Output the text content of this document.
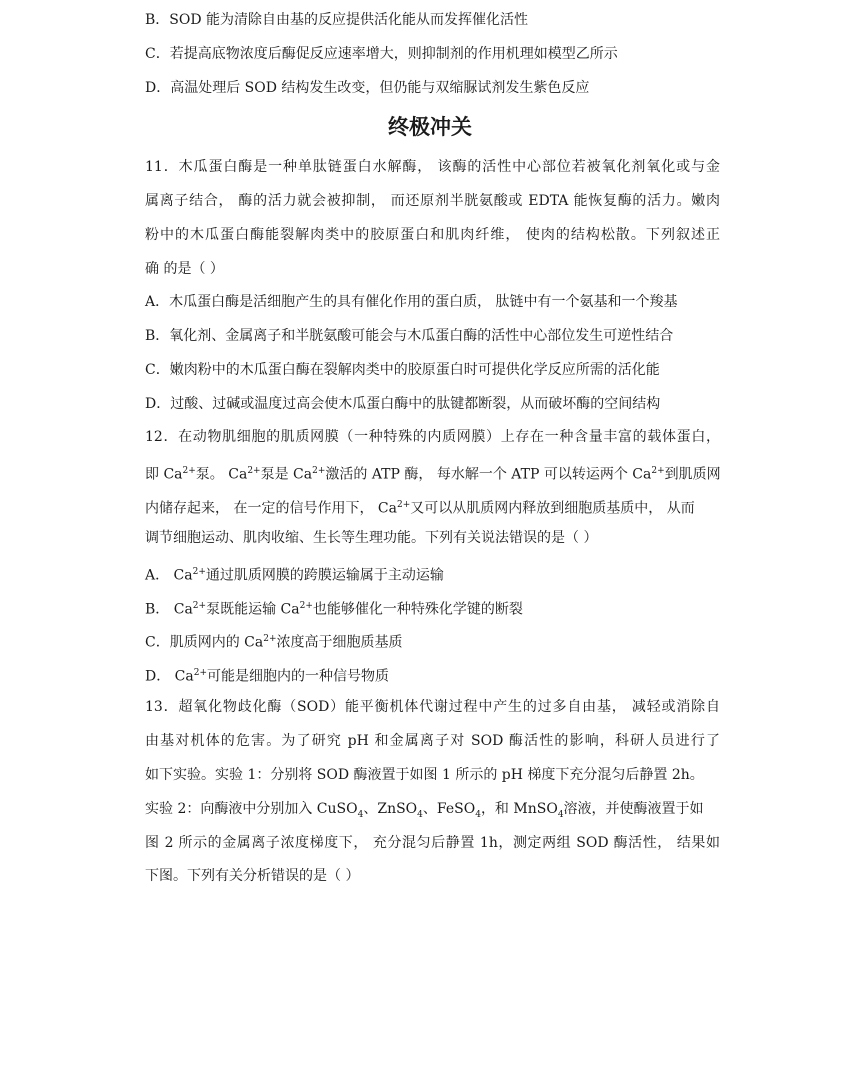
B．SOD 能为清除自由基的反应提供活化能从而发挥催化活性
C．若提高底物浓度后酶促反应速率增大，则抑制剂的作用机理如模型乙所示
D．高温处理后 SOD 结构发生改变，但仍能与双缩脲试剂发生紫色反应
终极冲关
11．木瓜蛋白酶是一种单肽链蛋白水解酶， 该酶的活性中心部位若被氧化剂氧化或与金
属离子结合， 酶的活力就会被抑制， 而还原剂半胱氨酸或 EDTA 能恢复酶的活力。嫩肉
粉中的木瓜蛋白酶能裂解肉类中的胶原蛋白和肌肉纤维， 使肉的结构松散。下列叙述正
确 的是（ ）
A．木瓜蛋白酶是活细胞产生的具有催化作用的蛋白质， 肽链中有一个氨基和一个羧基
B．氧化剂、金属离子和半胱氨酸可能会与木瓜蛋白酶的活性中心部位发生可逆性结合
C．嫩肉粉中的木瓜蛋白酶在裂解肉类中的胶原蛋白时可提供化学反应所需的活化能
D．过酸、过碱或温度过高会使木瓜蛋白酶中的肽键都断裂，从而破坏酶的空间结构
12．在动物肌细胞的肌质网膜（一种特殊的内质网膜）上存在一种含量丰富的载体蛋白，
即 $Ca^{2+}$泵。 $Ca^{2+}$泵是 $Ca^{2+}$激活的 ATP 酶， 每水解一个 ATP 可以转运两个 $Ca^{2+}$到肌质网
内储存起来， 在一定的信号作用下， $Ca^{2+}$又可以从肌质网内释放到细胞质基质中， 从而
调节细胞运动、肌肉收缩、生长等生理功能。下列有关说法错误的是（ ）
A． $Ca^{2+}$通过肌质网膜的跨膜运输属于主动运输
B． $Ca^{2+}$泵既能运输 $Ca^{2+}$也能够催化一种特殊化学键的断裂
C．肌质网内的 $Ca^{2+}$浓度高于细胞质基质
D． $Ca^{2+}$可能是细胞内的一种信号物质
13．超氧化物歧化酶（SOD）能平衡机体代谢过程中产生的过多自由基， 减轻或消除自
由基对机体的危害。为了研究 pH 和金属离子对 SOD 酶活性的影响，科研人员进行了
如下实验。实验 1：分别将 SOD 酶液置于如图 1 所示的 pH 梯度下充分混匀后静置 2h。
实验 2：向酶液中分别加入 CuSO$_4$、ZnSO$_4$、FeSO$_4$，和 MnSO$_4$溶液，并使酶液置于如
图 2 所示的金属离子浓度梯度下， 充分混匀后静置 1h，测定两组 SOD 酶活性， 结果如
下图。下列有关分析错误的是（ ）
